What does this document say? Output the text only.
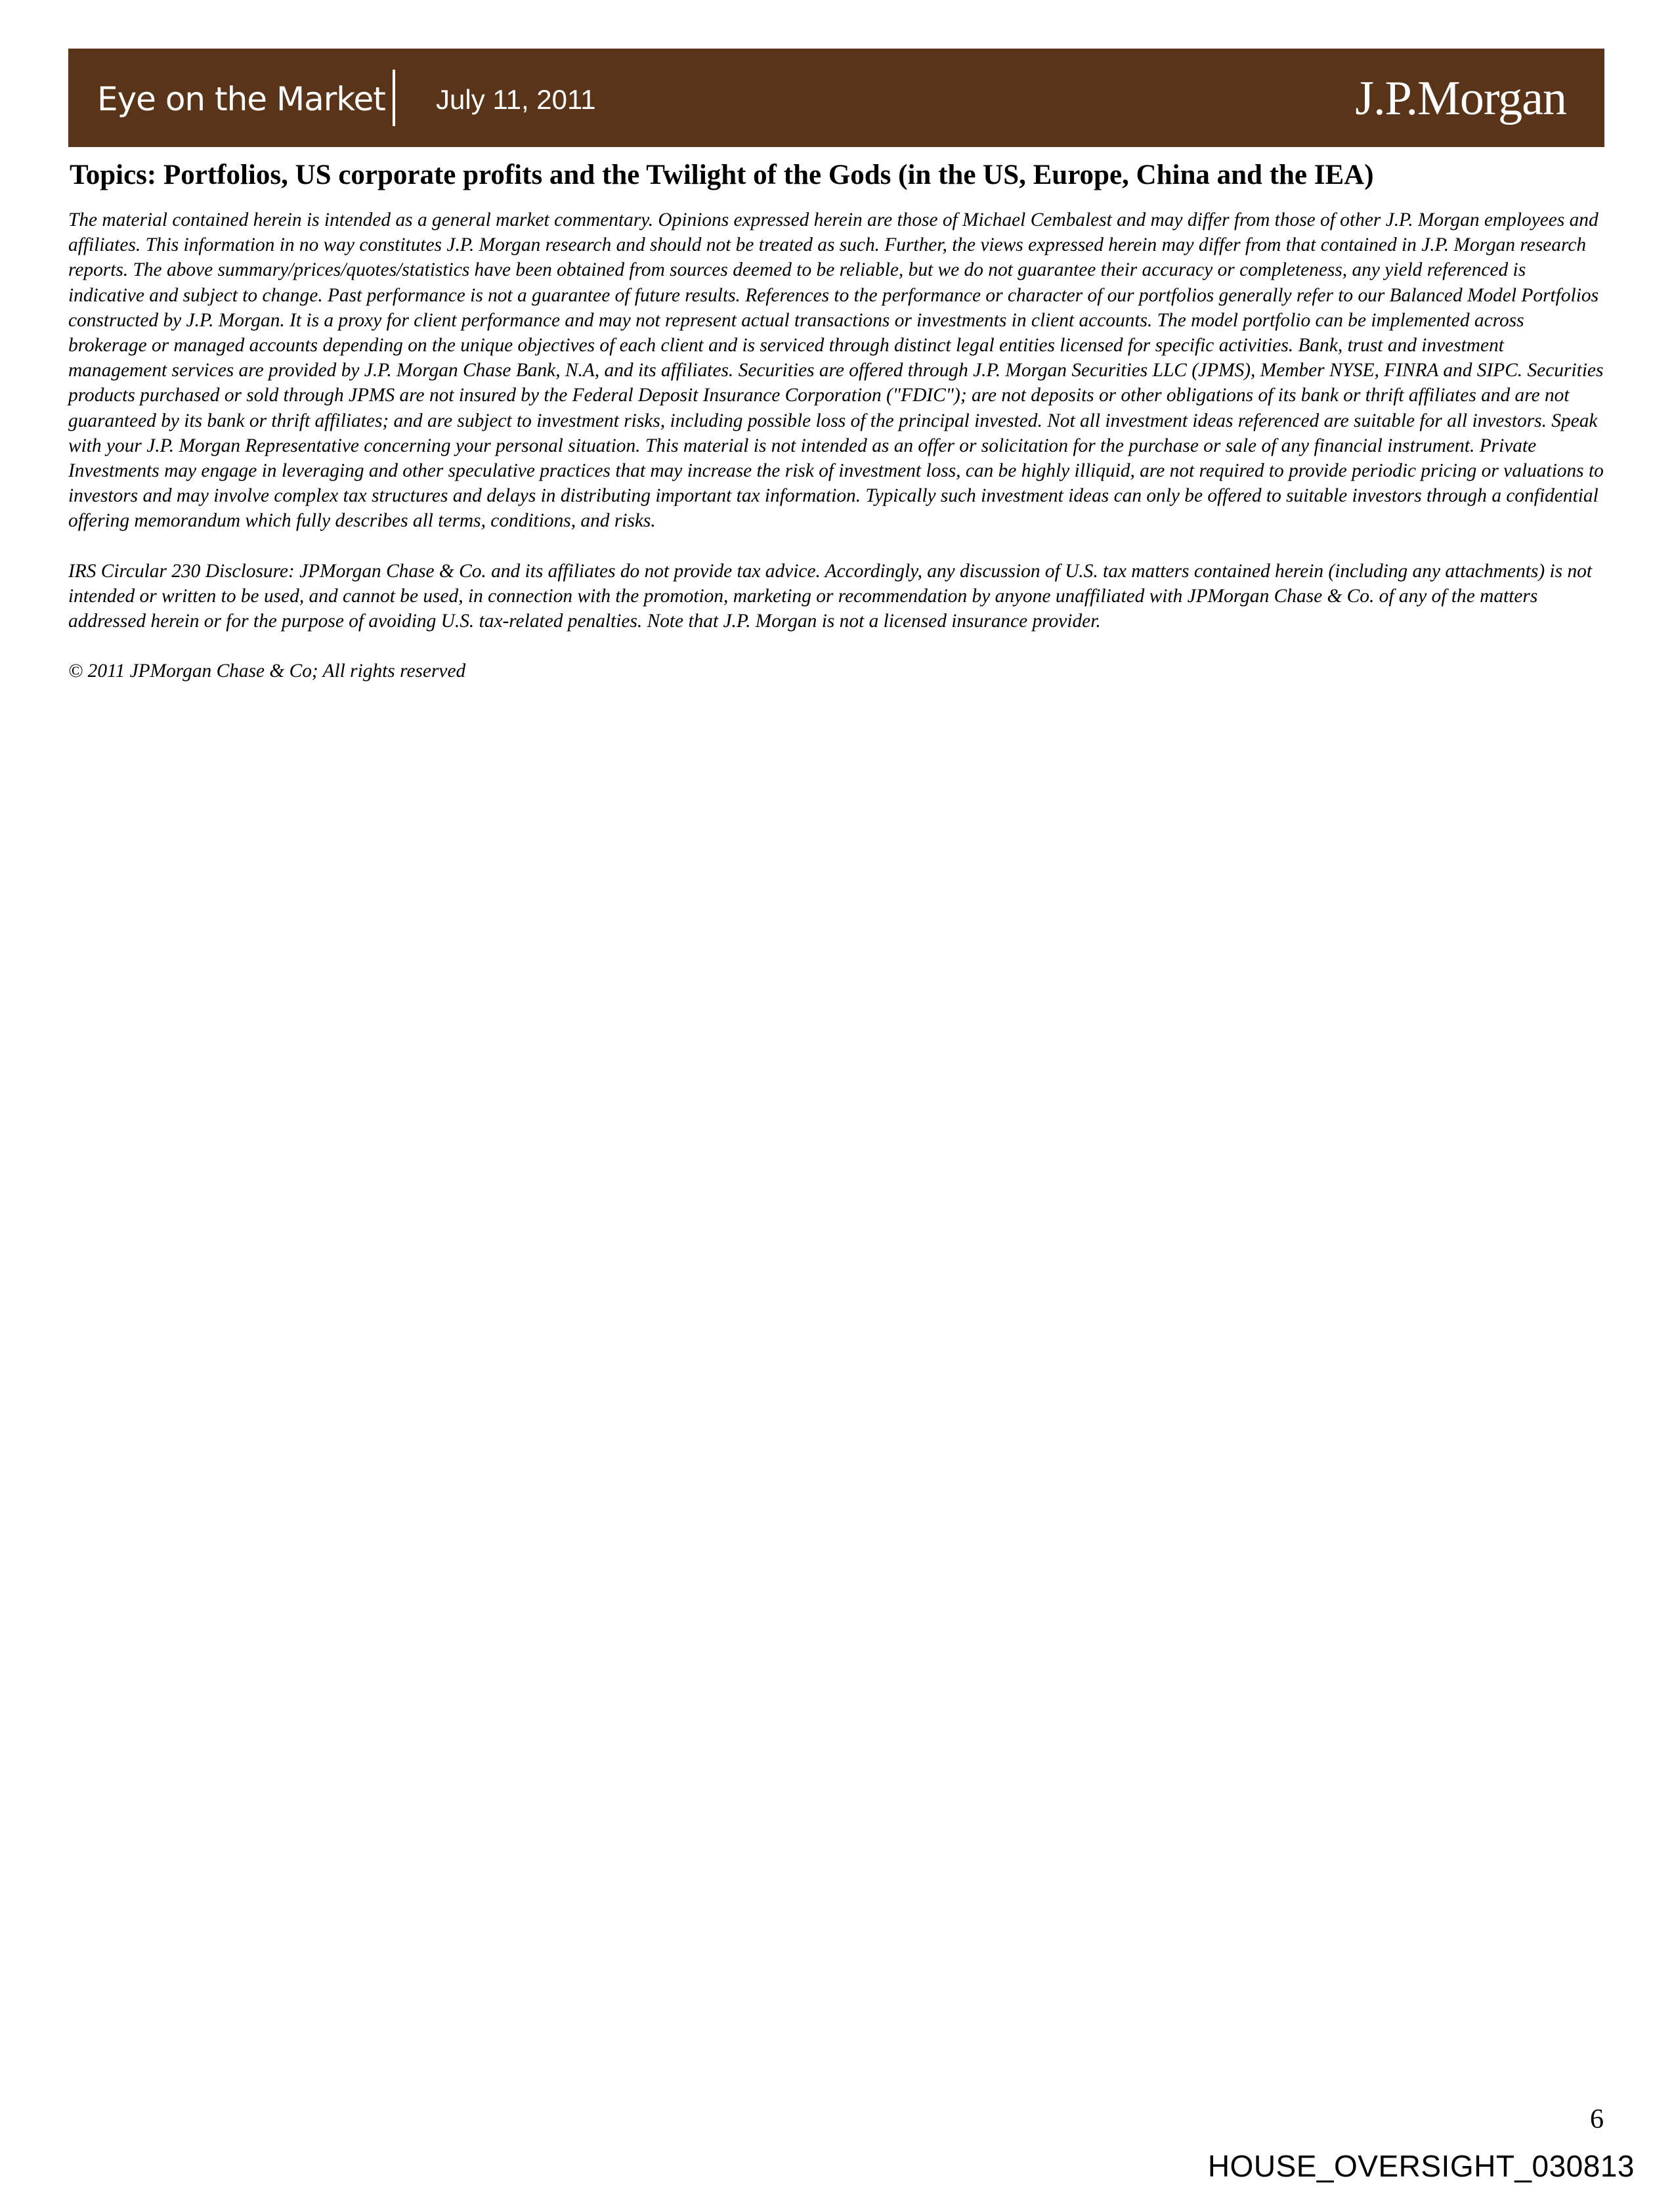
Eye on the Market July 11, 2011	J.P.Morgan
Topics: Portfolios, US corporate profits and the Twilight of the Gods (in the US, Europe, China and the IEA)

The material contained herein is intended as a general market commentary. Opinions expressed herein are those of Michael Cembalest and may differ from those of other J.P. Morgan employees and affiliates. This information in no way constitutes J.P. Morgan research and should not be treated as such. Further, the views expressed herein may differ from that contained in J.P. Morgan research reports. The above summary/prices/quotes/statistics have been obtained from sources deemed to be reliable, but we do not guarantee their accuracy or completeness, any yield referenced is indicative and subject to change. Past performance is not a guarantee of future results. References to the performance or character of our portfolios generally refer to our Balanced Model Portfolios constructed by J.P. Morgan. It is a proxy for client performance and may not represent actual transactions or investments in client accounts. The model portfolio can be implemented across brokerage or managed accounts depending on the unique objectives of each client and is serviced through distinct legal entities licensed for specific activities. Bank, trust and investment management services are provided by J.P. Morgan Chase Bank, N.A, and its affiliates. Securities are offered through J.P. Morgan Securities LLC (JPMS), Member NYSE, FINRA and SIPC. Securities products purchased or sold through JPMS are not insured by the Federal Deposit Insurance Corporation ("FDIC"); are not deposits or other obligations of its bank or thrift affiliates and are not guaranteed by its bank or thrift affiliates; and are subject to investment risks, including possible loss of the principal invested. Not all investment ideas referenced are suitable for all investors. Speak with your J.P. Morgan Representative concerning your personal situation. This material is not intended as an offer or solicitation for the purchase or sale of any financial instrument. Private Investments may engage in leveraging and other speculative practices that may increase the risk of investment loss, can be highly illiquid, are not required to provide periodic pricing or valuations to investors and may involve complex tax structures and delays in distributing important tax information. Typically such investment ideas can only be offered to suitable investors through a confidential offering memorandum which fully describes all terms, conditions, and risks.

IRS Circular 230 Disclosure: JPMorgan Chase & Co. and its affiliates do not provide tax advice. Accordingly, any discussion of U.S. tax matters contained herein (including any attachments) is not intended or written to be used, and cannot be used, in connection with the promotion, marketing or recommendation by anyone unaffiliated with JPMorgan Chase & Co. of any of the matters addressed herein or for the purpose of avoiding U.S. tax-related penalties. Note that J.P. Morgan is not a licensed insurance provider.

© 2011 JPMorgan Chase & Co; All rights reserved

6
HOUSE_OVERSIGHT_030813
